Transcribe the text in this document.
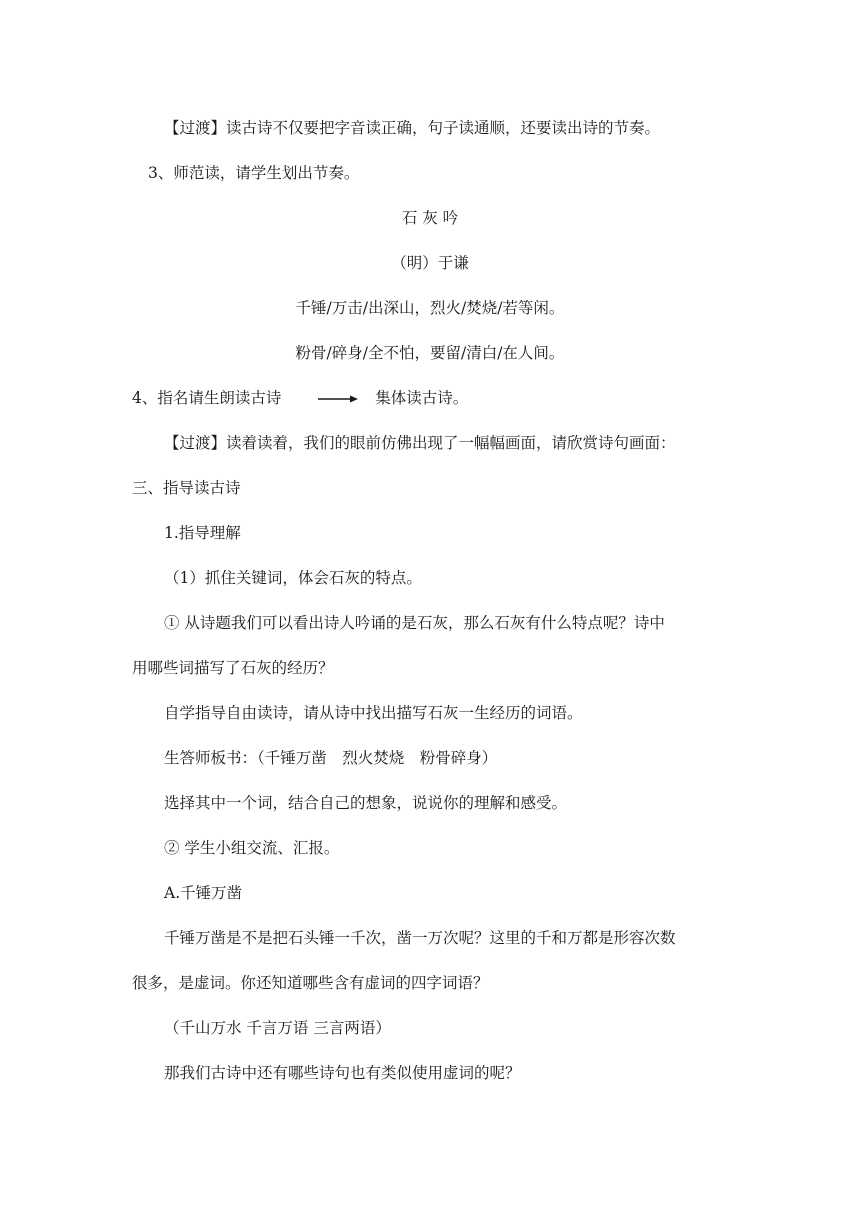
【过渡】读古诗不仅要把字音读正确，句子读通顺，还要读出诗的节奏。
3、师范读，请学生划出节奏。
石 灰 吟
（明）于谦
千锤/万击/出深山，烈火/焚烧/若等闲。
粉骨/碎身/全不怕，要留/清白/在人间。
4、指名请生朗读古诗	集体读古诗。
【过渡】读着读着，我们的眼前仿佛出现了一幅幅画面，请欣赏诗句画面：
三、指导读古诗
1.指导理解
（1）抓住关键词，体会石灰的特点。
① 从诗题我们可以看出诗人吟诵的是石灰，那么石灰有什么特点呢？诗中
用哪些词描写了石灰的经历？
自学指导自由读诗，请从诗中找出描写石灰一生经历的词语。
生答师板书：（千锤万凿　烈火焚烧　粉骨碎身）
选择其中一个词，结合自己的想象，说说你的理解和感受。
② 学生小组交流、汇报。
A.千锤万凿
千锤万凿是不是把石头锤一千次，凿一万次呢？这里的千和万都是形容次数
很多，是虚词。你还知道哪些含有虚词的四字词语？
（千山万水 千言万语 三言两语）
那我们古诗中还有哪些诗句也有类似使用虚词的呢？
